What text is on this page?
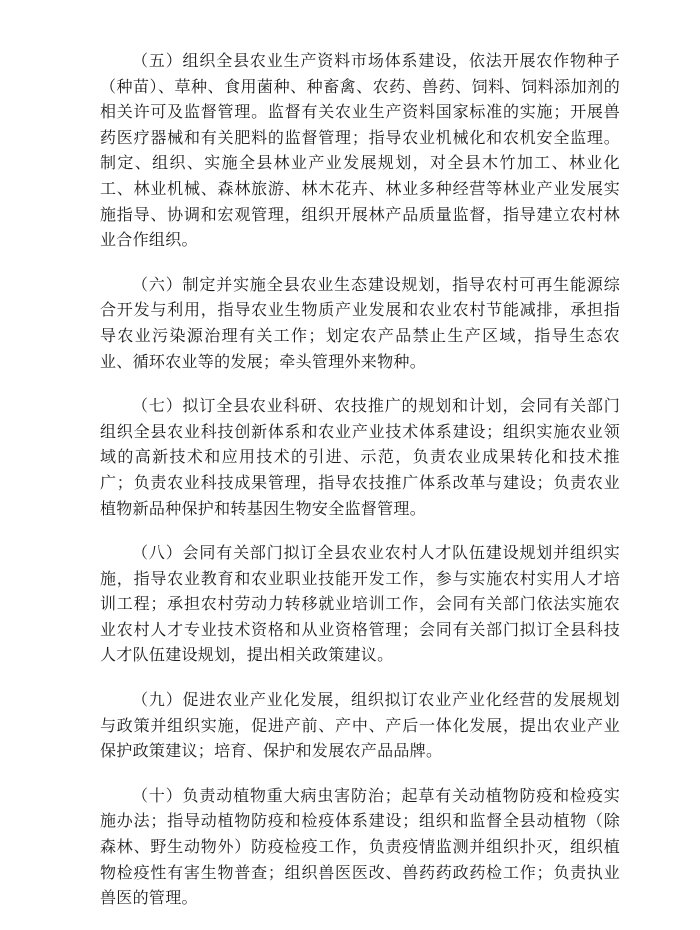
（五）组织全县农业生产资料市场体系建设，依法开展农作物种子（种苗）、草种、食用菌种、种畜禽、农药、兽药、饲料、饲料添加剂的相关许可及监督管理。监督有关农业生产资料国家标准的实施；开展兽药医疗器械和有关肥料的监督管理；指导农业机械化和农机安全监理。制定、组织、实施全县林业产业发展规划，对全县木竹加工、林业化工、林业机械、森林旅游、林木花卉、林业多种经营等林业产业发展实施指导、协调和宏观管理，组织开展林产品质量监督，指导建立农村林业合作组织。

（六）制定并实施全县农业生态建设规划，指导农村可再生能源综合开发与利用，指导农业生物质产业发展和农业农村节能减排，承担指导农业污染源治理有关工作；划定农产品禁止生产区域，指导生态农业、循环农业等的发展；牵头管理外来物种。

（七）拟订全县农业科研、农技推广的规划和计划，会同有关部门组织全县农业科技创新体系和农业产业技术体系建设；组织实施农业领域的高新技术和应用技术的引进、示范，负责农业成果转化和技术推广；负责农业科技成果管理，指导农技推广体系改革与建设；负责农业植物新品种保护和转基因生物安全监督管理。

（八）会同有关部门拟订全县农业农村人才队伍建设规划并组织实施，指导农业教育和农业职业技能开发工作，参与实施农村实用人才培训工程；承担农村劳动力转移就业培训工作，会同有关部门依法实施农业农村人才专业技术资格和从业资格管理；会同有关部门拟订全县科技人才队伍建设规划，提出相关政策建议。

（九）促进农业产业化发展，组织拟订农业产业化经营的发展规划与政策并组织实施，促进产前、产中、产后一体化发展，提出农业产业保护政策建议；培育、保护和发展农产品品牌。

（十）负责动植物重大病虫害防治；起草有关动植物防疫和检疫实施办法；指导动植物防疫和检疫体系建设；组织和监督全县动植物（除森林、野生动物外）防疫检疫工作，负责疫情监测并组织扑灭，组织植物检疫性有害生物普查；组织兽医医改、兽药药政药检工作；负责执业兽医的管理。
